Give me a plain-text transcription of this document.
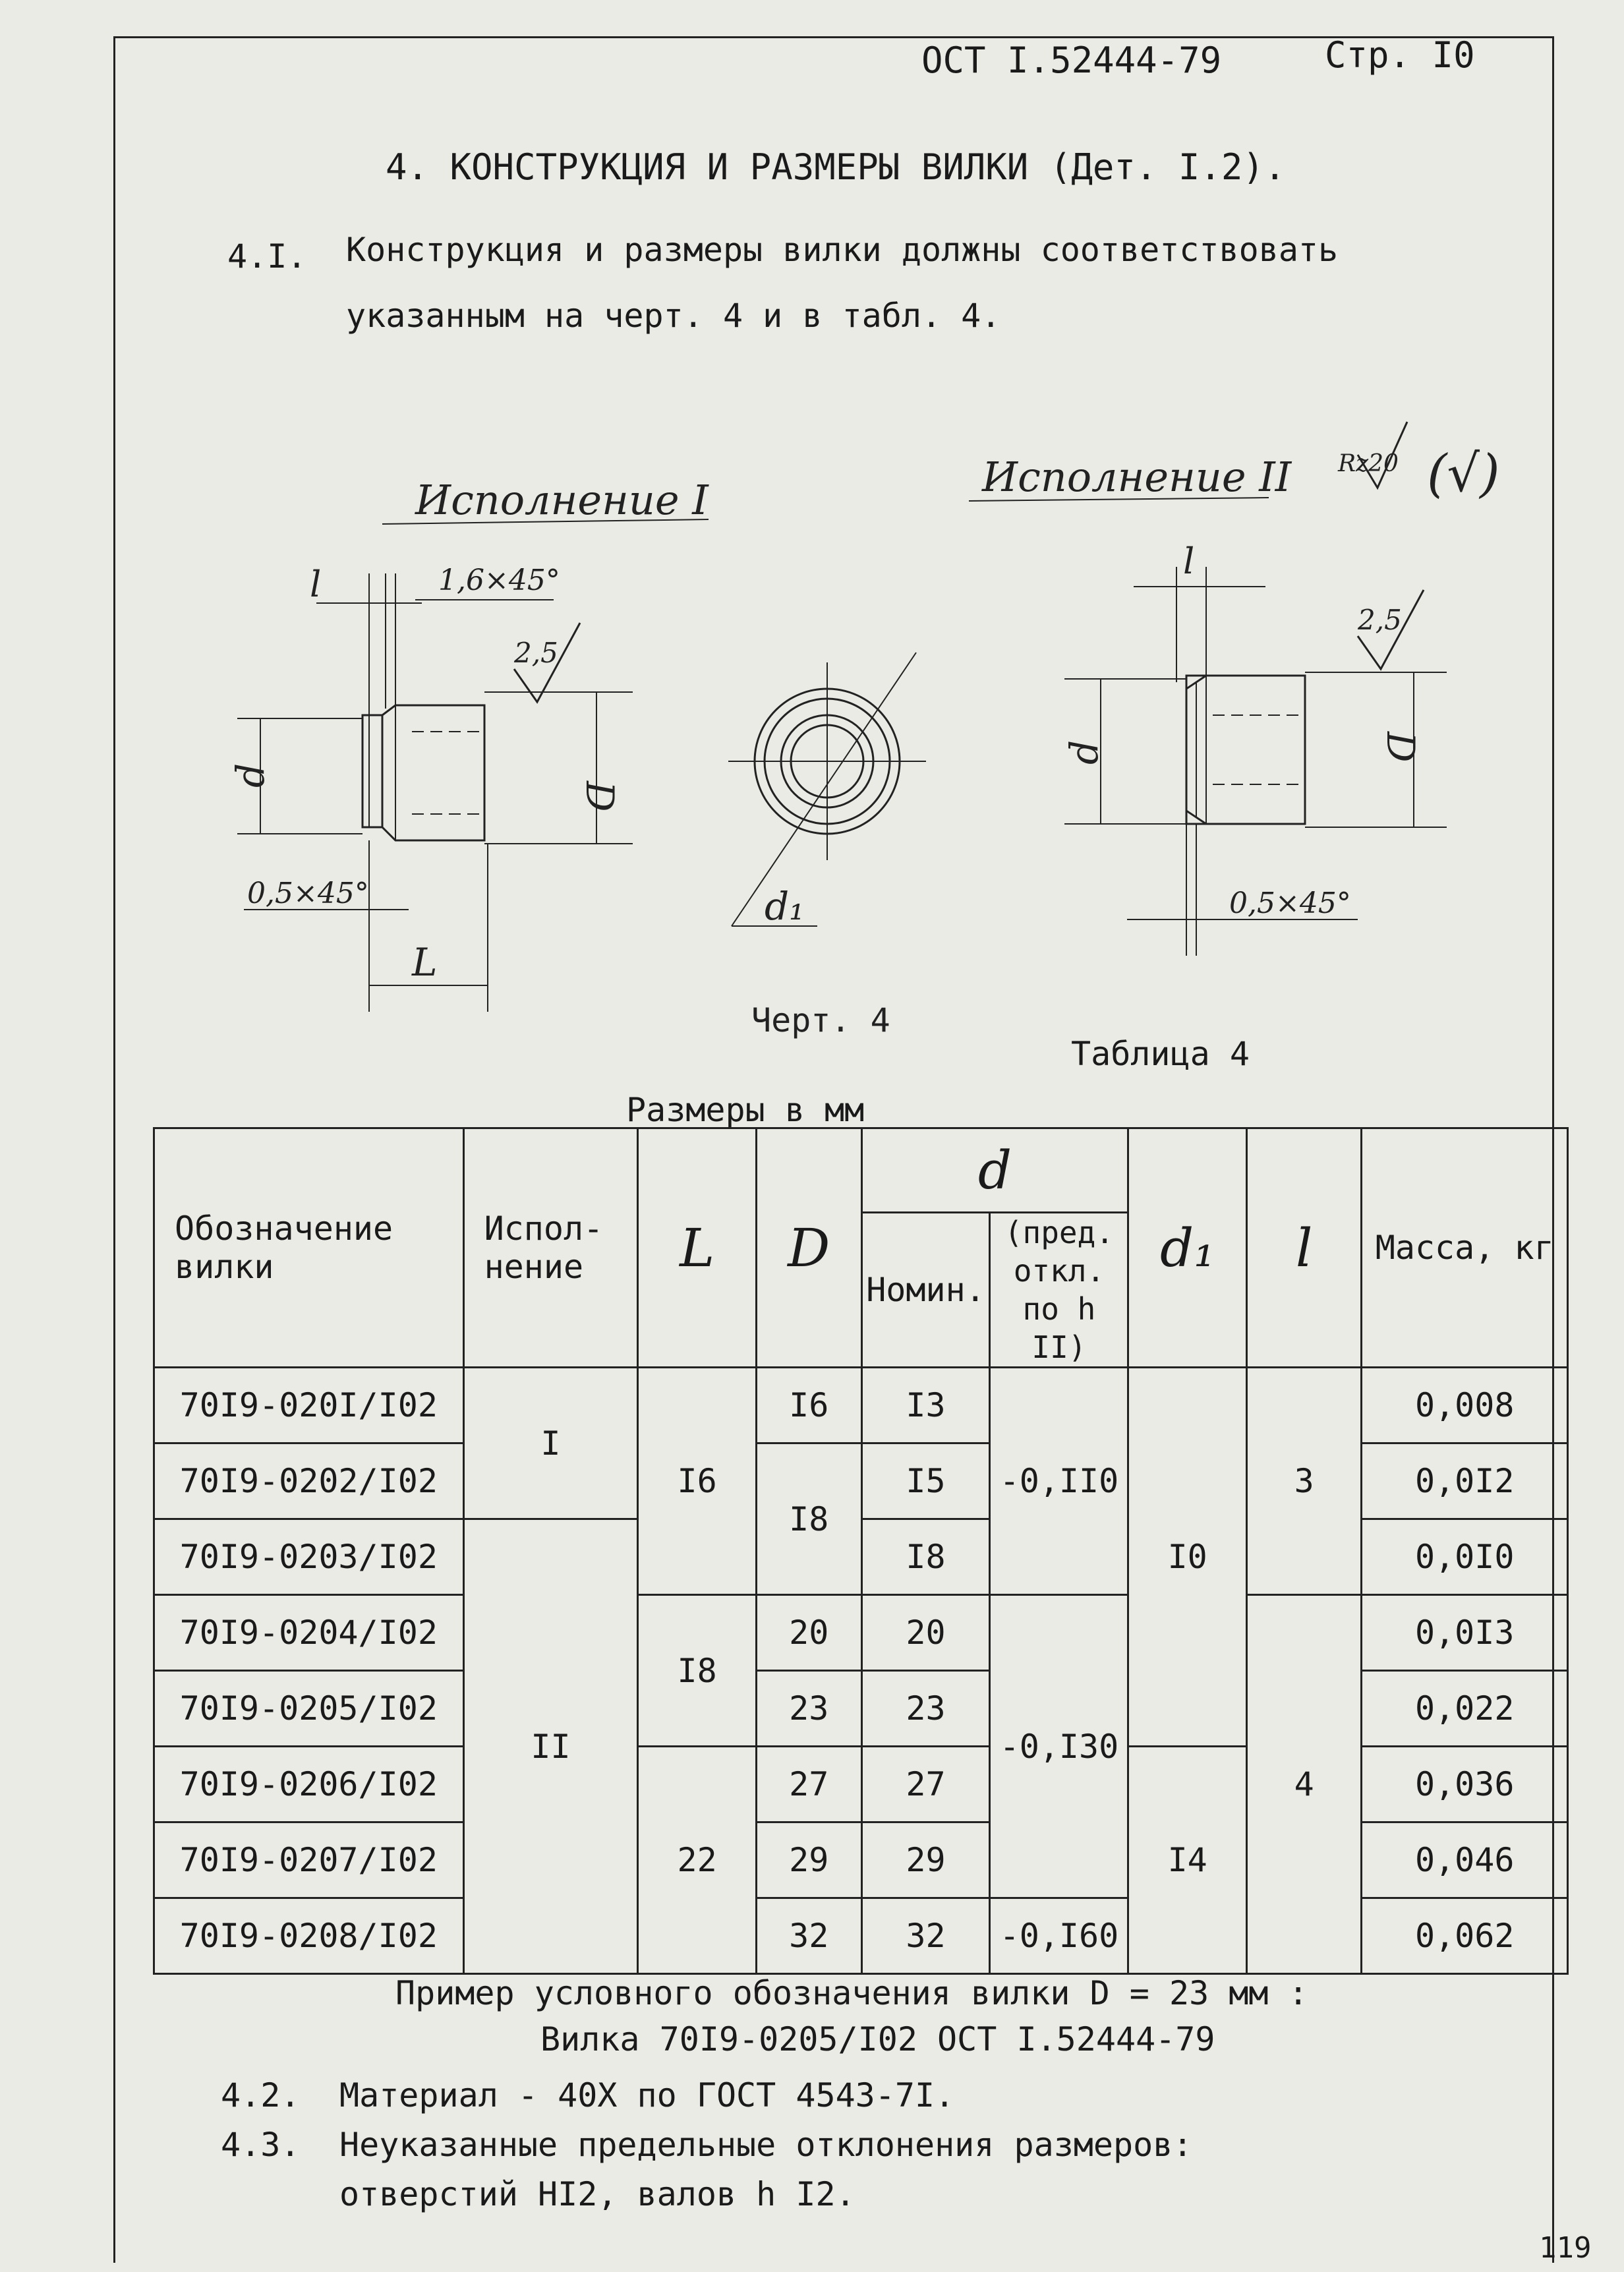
ОСТ I.52444-79	Стр. I0
4. КОНСТРУКЦИЯ И РАЗМЕРЫ ВИЛКИ (Дет. I.2).
4.I. Конструкция и размеры вилки должны соответствовать
указанным на черт. 4 и в табл. 4.
Исполнение I	Исполнение II Rz20 (√)
d
D
l	1,6×45°
2,5
0,5×45°
L
d₁
d	D
l
2,5
0,5×45°
Черт. 4
Таблица 4
Размеры в мм
Обозначение вилки	Испол- нение	L	D	d		d₁	l	Масса, кг
				Номин.	(пред. откл. по h II)			
70I9-020I/I02	I	I6	I6	I3	-0,II0	I0	3	0,008
70I9-0202/I02			I8	I5				0,0I2
70I9-0203/I02	II			I8				0,0I0
70I9-0204/I02		I8	20	20	-0,I30		4	0,0I3
70I9-0205/I02			23	23				0,022
70I9-0206/I02		22	27	27		I4		0,036
70I9-0207/I02			29	29				0,046
70I9-0208/I02			32	32	-0,I60			0,062
Пример условного обозначения вилки D = 23 мм :
Вилка 70I9-0205/I02 ОСТ I.52444-79
4.2. Материал - 40Х по ГОСТ 4543-7I.
4.3. Неуказанные предельные отклонения размеров:
отверстий HI2, валов h I2.
119
